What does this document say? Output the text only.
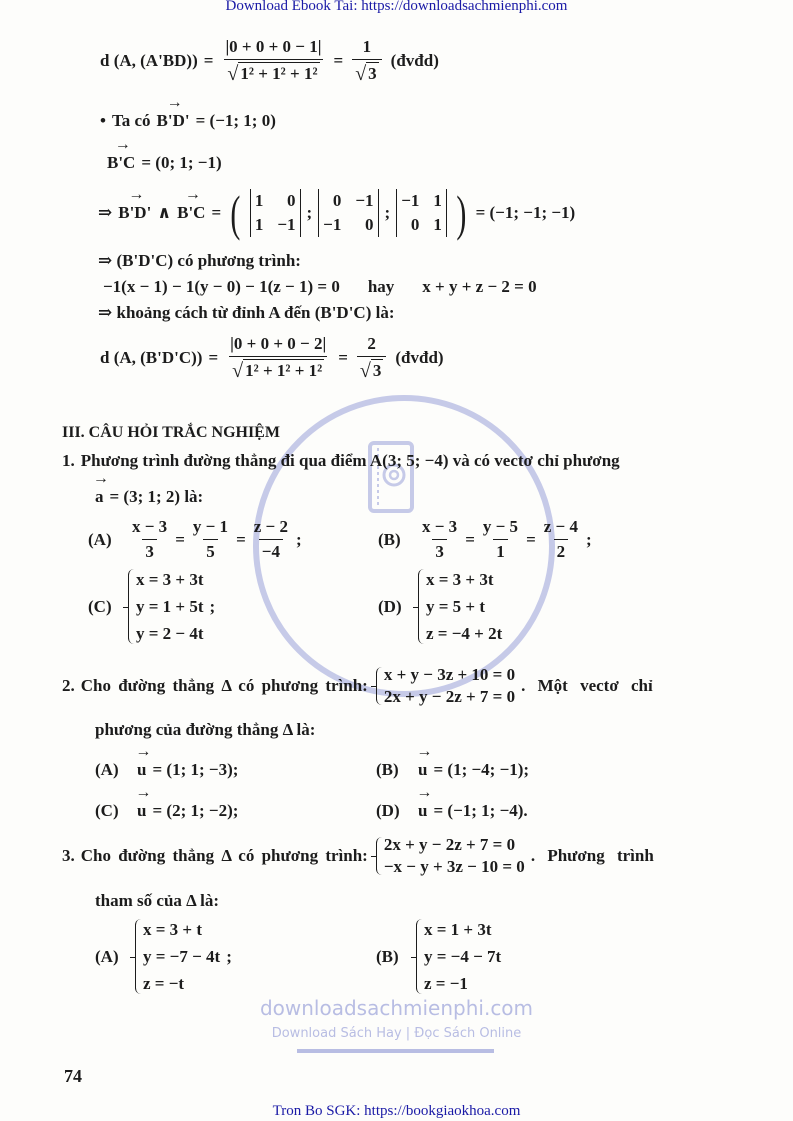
Download Ebook Tai: https://downloadsachmienphi.com
downloadsachmienphi.com
Download Sách Hay | Đọc Sách Online
d (A, (A'BD)) = |0 + 0 + 0 − 1|
√ 1² + 1² + 1² = 1
√ 3 (đvđd)
• Ta có → B'D' = (−1; 1; 0)
→ B'C = (0; 1; −1)
⇒ → B'D' ∧ → B'C = ( 1	0
1 −1
;
0 −1
−1	0
;
−1 1
0 1 ) = (−1; −1; −1)
⇒ (B'D'C) có phương trình:
−1(x − 1) − 1(y − 0) − 1(z − 1) = 0 hay x + y + z − 2 = 0
⇒ khoảng cách từ đỉnh A đến (B'D'C) là:
d (A, (B'D'C)) = |0 + 0 + 0 − 2|
√ 1² + 1² + 1² = 2
√ 3 (đvđd)
III. CÂU HỎI TRẮC NGHIỆM
1. Phương trình đường thẳng đi qua điểm A(3; 5; −4) và có vectơ chỉ phương
→ a = (3; 1; 2) là:
(A)	$\frac{x - 3}{3} = \frac{y - 1}{5} = \frac{z - 2}{-4}$ ;	(B)	$\frac{x - 3}{3} = \frac{y - 5}{1} = \frac{z - 4}{2}$ ;
(C)
x = 3 + 3t
y = 1 + 5t
y = 2 − 4t
;	(D)
x = 3 + 3t
y = 5 + t
z = −4 + 2t
2. Cho đường thẳng Δ có phương trình:
x + y − 3z + 10 = 0
2x + y − 2z + 7 = 0
. Một vectơ chỉ
phương của đường thẳng Δ là:
(A)	→ u = (1; 1; −3);	(B)	→ u = (1; −4; −1);
(C)	→ u = (2; 1; −2);	(D)	→ u = (−1; 1; −4).
3. Cho đường thẳng Δ có phương trình:
2x + y − 2z + 7 = 0
−x − y + 3z − 10 = 0
. Phương trình
tham số của Δ là:
(A)
x = 3 + t
y = −7 − 4t
z = −t
;	(B)
x = 1 + 3t
y = −4 − 7t
z = −1
74
Tron Bo SGK: https://bookgiaokhoa.com
